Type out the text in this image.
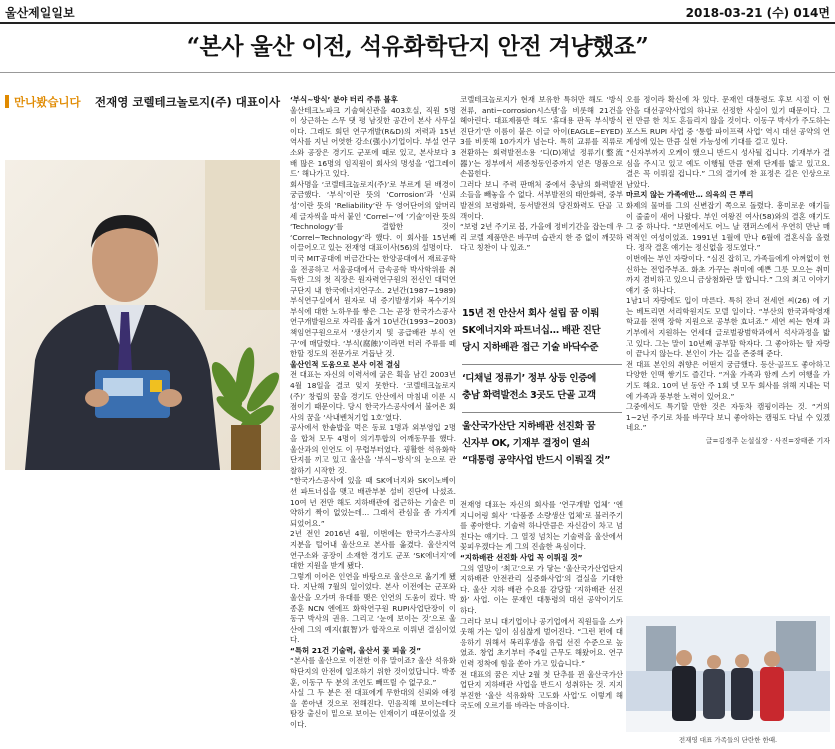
울산제일일보	2018-03-21 (수) 014면
“본사 울산 이전, 석유화학단지 안전 겨냥했죠”
만나봤습니다 전재영 코렐테크놀로지(주) 대표이사 ‘부식~방식’ 분야 터리 주류 볼후

울산테크노파크 기술혁신관을 403호실, 직원 5명이 상근하는 스무 댓 평 남짓한 공간이 본사 사무실이다. 그래도 회던 연구개발(R&D)의 저력과 15년 역사를 지닌 어엿한 강소(强小)기업이다. 부설 연구소와 공장은 경기도 군포에 때로 있고, 본사보다 3배 많은 16명의 임직원이 회사의 명성을 ‘업그레이드’ 해나가고 있다.

회사명을 ‘코렐테크놀로지(주)’로 부르게 된 배경이 궁금했다. ‘부식’이란 뜻의 ‘Corrosion’과 ‘신뢰성’이란 뜻의 ‘Reliability’란 두 영어단어의 앞머리 세 글자씩을 따서 붙인 ‘Correl~’에 ‘기술’이란 뜻의 ‘Technology’를 결합한 것이 ‘Correl~Technology’라 했다. 이 회사를 15년째 이끌어오고 있는 전재영 대표이사(56)의 설명이다.

미국 MIT공대에 버금간다는 한양공대에서 재료공학을 전공하고 서울공대에서 금속공학 박사학위를 취득한 그의 첫 직장은 원자력연구원의 전신인 대덕연구단지 내 한국에너지연구소. 2년간(1987~1989) 부식연구실에서 원자로 내 증기발생기와 복수기의 부식에 대한 노하우를 쌓은 그는 곧장 한국가스공사 연구개발원으로 자리를 옮겨 10년간(1993~2003) 책임연구원으로서 ‘생산기지 및 공급배관 부식 연구’에 매달렸다. ‘부식(腐蝕)’이라면 터러 주류를 떼한할 정도의 전문가로 거듭난 것.

울산인적 도움으로 본사 이전 결심

전 대표는 자신의 이력서에 굵은 획을 남긴 2003년 4월 18일을 결코 잊지 못한다. ‘코렐테크놀로지(주)’ 창립의 꿈을 경기도 안산에서 마침내 이룬 시점이기 때문이다. 당시 한국가스공사에서 불어온 회사의 꿈을 ‘사내벤처기업 1호’였다.

공사에서 한솥밥을 먹은 동료 1명과 외부영입 2명을 합쳐 모두 4명이 의기투합의 어깨동무를 했다. 울산과의 인연도 이 무렵부터였다. 굉활한 석유화학단지를 끼고 있고 울산을 ‘부식~방식’의 눈으로 관찰하기 시작한 것.

“한국가스공사에 있을 때 SK에너지와 SK이노베이션 파트너십을 맺고 배관부분 설비 진단에 나섰죠. 10여 년 전만 해도 지하배관에 접근하는 기술은 미약하기 짝이 없었는데… 그래서 관심을 좀 가지게 되었어요.”

2년 전인 2016년 4월, 이번에는 한국가스공사의 지분을 털어내 울산으로 본사를 옮겼다. 울산지역 연구소와 공장이 소재한 경기도 군포 ‘SK에너지’에 대한 지원을 받게 됐다.

그렇게 이어온 인연을 바탕으로 울산으로 옮기게 됐다. 지난해 7월의 일이었다. 본사 이전에는 군포와 울산을 오가며 유대를 맺은 인연의 도움이 컸다. 박종훈 NCN 엔에프 화학연구원 RUPI사업단장이 이동구 박사의 권유. 그리고 ‘눈에 보이는 것’으로 울산에 그의 예지(叡智)가 합작으로 이뤄낸 결심이었다.

“특허 21건 기술력, 울산서 꽃 피울 것”

“본사를 울산으로 이전한 이유 말이죠? 울산 석유화학단지의 안전에 일조하기 위한 것이었답니다. 박종훈, 이동구 두 분의 조언도 빼뜨릴 수 없구요.”

사실 그 두 분은 전 대표에게 무한대의 신뢰와 애정을 쏟아낸 것으로 전해진다. 민음직해 보이는데다 탐장 출신이 밑으로 보이는 인재이기 때문이었을 것이다.

코렐테크놀로지가 현재 보유한 특허만 해도 ‘방식 전류, anti~corrosion시스템’을 비롯해 21건을 헤아린다. 대표제품만 해도 ‘휴대용 판독 부식방식 진단기’만 이름이 붙은 이글 아이(EAGLE~EYED) 3를 비롯해 10가지가 넘는다. 특히 교류를 직류로 전환하는 회력발전소용 ‘디(D)채널 정류기(整流器)’는 정부에서 세종청동인증까지 얻은 명품으로 손꼽힌다.

그러다 보니 주력 판매처 중에서 충남의 화력발전소들을 빼놓을 수 없다. 서부발전의 태안화력, 중부발전의 보령화력, 동서발전의 당진화력도 단골 고객이다.

“보령 2년 주기로 봅, 가을에 정비기간을 잡는데 우리 코렐 제품만은 바꾸며 습관지 한 증 없이 깨끗하다고 칭찬이 나 있죠.”

15년 전 안산서 회사 설립 꿈 이뤄
SK에너지와 파트너십… 배관 진단
당시 지하배관 접근 기술 바닥수준
‘디채널 정류기’ 정부 상등 인증에
충남 화력발전소 3곳도 단골 고객
울산국가산단 지하배관 선진화 꿈
신자부 OK, 기재부 결정이 열쇠
“대통령 공약사업 반드시 이뤄질 것”

전재영 대표는 자신의 회사를 ‘연구개발 업체’ ‘엔지니어링 회사’ ‘다품종 소량생산 업체’로 불러주기를 좋아한다. 기술력 하나만큼은 자신감이 차고 넘친다는 얘기다. 그 열정 넘치는 기술력을 울산에서 꽃피우겠다는 게 그의 진솔한 욕심이다.

“지하배관 선진화 사업 꼭 이뤄질 것”

그의 열망이 ‘최고’으로 가 닿는 ‘울산국가산업단지 지하배관 안전관리 실증화사업’의 결실을 기대한다. 울산 지하 배관 수요를 감당할 ‘지하배관 선진화’ 사업. 이는 문재인 대통령의 대선 공약이기도 하다.

그러다 보니 대기업이나 공기업에서 직원들을 스카웃해 가는 일이 심심찮게 벌어진다. “그런 편에 대응하기 위해서 복리후생을 유럽 선진 수준으로 높였죠. 창업 초기부터 주4일 근무도 해왔어요. 연구 인력 정착에 힘을 쏟아 가고 있습니다.”

전 대표의 꿈은 지난 2월 첫 단추를 뀐 울산국가산업단지 지하배관 사업을 반드시 성취하는 것. 지지부진한 ‘울산 석유화학 고도화 사업’도 이렇게 해 국도에 오르기를 바라는 마음이다.

오를 정이라 확신에 차 있다. 문재인 대통령도 후보 시절 이 현안을 대선공약사업의 하나로 선정한 사실이 있기 때문이다. 그런 만큼 한 치도 흔들리지 않을 것이다. 이동구 박사가 주도하는 포스트 RUPI 사업 중 ‘통합 파이프랙 사업’ 역시 대선 공약의 연계성에 있는 만큼 실현 가능성에 기대를 걸고 있다.

“신자부까지 오케이 했으니 반드시 성사될 겁니다. 기재부가 결심을 주시고 있고 예도 이행될 만큼 현재 단계를 밟고 있고요. 결은 꼭 이뤄질 겁니다.” 그의 결기에 찬 표정은 길은 인상으로 남았다.

마르지 않는 가족애만… 의육의 큰 뿌리

화제의 물머를 그의 신변잡기 쪽으로 돌렸다. 흥미로운 얘기들이 줄줄이 새어 나왔다. 부인 여왕진 여사(58)와의 결혼 얘기도 그 중 하나다. “보면에서도 어느 날 캠퍼스에서 우연히 만난 매력적인 여성이었죠. 1991년 1월에 만나 6월에 결혼식을 올렸다. 정작 결혼 얘기는 정신없을 정도였다.”

이번에는 부인 자랑이다. “심진 잡히고, 가족들에게 아껴없이 헌신하는 전업주부죠. 화초 가꾸는 취미에 예쁜 그릇 모으는 취미까지 겸비하고 있으니 금상첨화란 말 합니다.” 그의 최고 이야기 얘기 중 하나다.

1남1녀 자랑에도 입이 마른다. 특허 잔녀 전세연 씨(26) 에 기는 베트리면 서리학원지도 모델 일이다. “부산의 한국과학영재학교를 전액 장학 지원으로 공부한 효녀죠.” 세연 씨는 현재 과기부에서 지원하는 연세대 글로벌광범학과에서 석사과정을 밟고 있다. 그는 말이 10년째 공부할 학자다. 그 좋아하는 딸 자랑이 끝나지 않는다. 본인이 가는 길을 존중해 준다.

전 대표 본인의 취향은 어떤지 궁금했다. 등산·골프도 좋아하고 다양한 인맥 쌓기도 즐긴다. “겨울 가족과 함께 스키 여행을 가기도 해요. 10여 년 동안 주 1회 넷 모두 회사를 위해 지내는 덕에 가족과 풍부한 노력이 있어요.”

그중에서도 특기할 만한 것은 자동차 캠핑이라는 것. “거의 1~2년 주기로 차를 바꾸다 보니 좋아하는 캠핑도 다닐 수 있겠네요.”

글=김정주 논설실장 · 사진=장태준 기자

전재영 대표 가족들의 단란한 한때.
